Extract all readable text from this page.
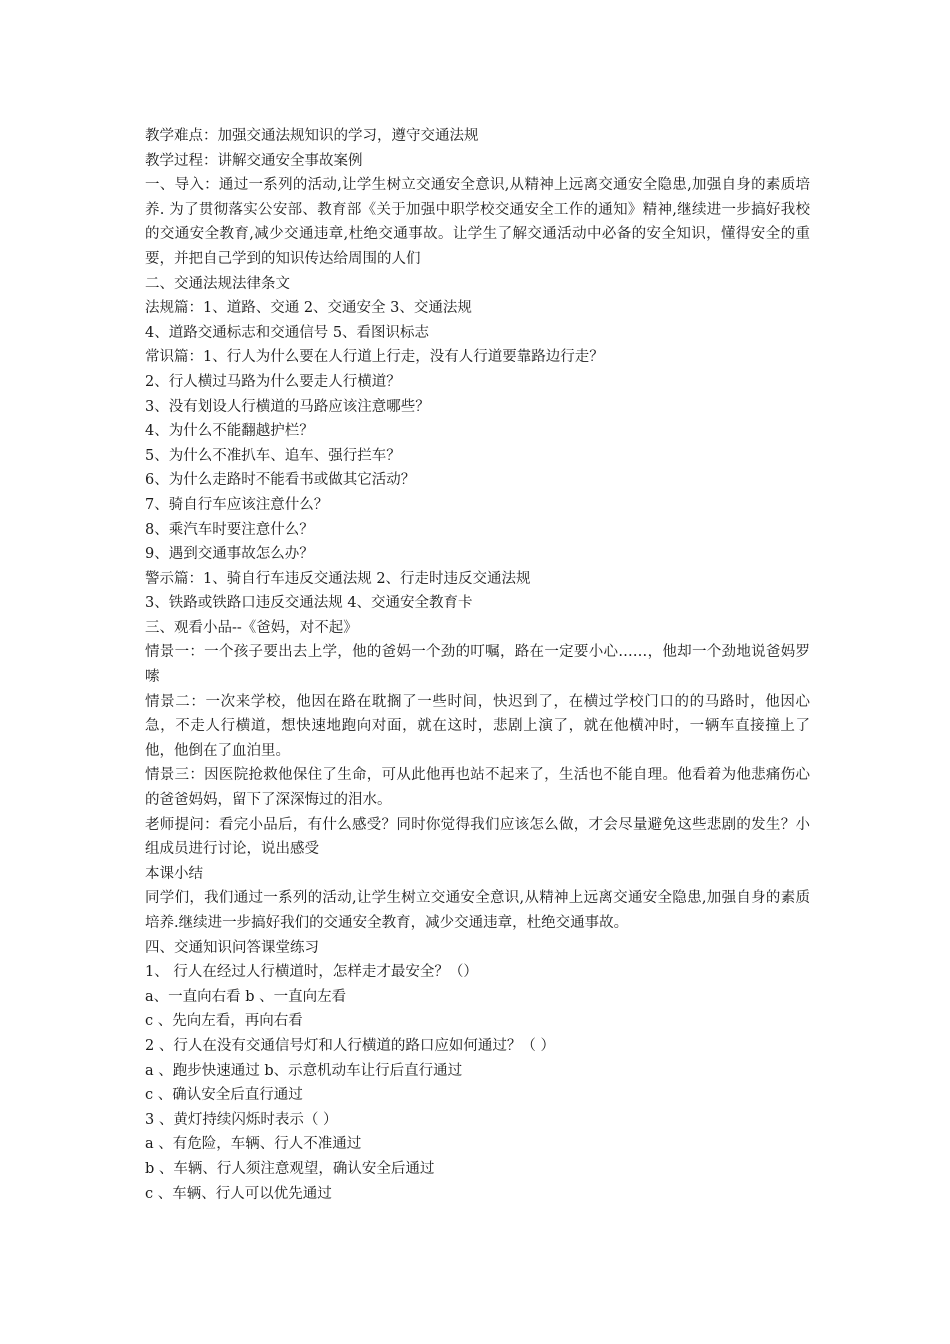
教学难点：加强交通法规知识的学习，遵守交通法规

教学过程：讲解交通安全事故案例

一、导入：通过一系列的活动,让学生树立交通安全意识,从精神上远离交通安全隐患,加强自身的素质培养. 为了贯彻落实公安部、教育部《关于加强中职学校交通安全工作的通知》精神,继续进一步搞好我校的交通安全教育,减少交通违章,杜绝交通事故。让学生了解交通活动中必备的安全知识，懂得安全的重要，并把自己学到的知识传达给周围的人们

二、交通法规法律条文

法规篇：1、道路、交通 2、交通安全 3、交通法规

4、道路交通标志和交通信号 5、看图识标志

常识篇：1、行人为什么要在人行道上行走，没有人行道要靠路边行走？

2、行人横过马路为什么要走人行横道？

3、没有划设人行横道的马路应该注意哪些？

4、为什么不能翻越护栏？

5、为什么不准扒车、追车、强行拦车？

6、为什么走路时不能看书或做其它活动？

7、骑自行车应该注意什么？

8、乘汽车时要注意什么？

9、遇到交通事故怎么办？

警示篇：1、骑自行车违反交通法规 2、行走时违反交通法规

3、铁路或铁路口违反交通法规 4、交通安全教育卡

三、观看小品--《爸妈，对不起》

情景一：一个孩子要出去上学，他的爸妈一个劲的叮嘱，路在一定要小心……，他却一个劲地说爸妈罗嗦

情景二：一次来学校，他因在路在耽搁了一些时间，快迟到了，在横过学校门口的的马路时，他因心急，不走人行横道，想快速地跑向对面，就在这时，悲剧上演了，就在他横冲时，一辆车直接撞上了他，他倒在了血泊里。

情景三：因医院抢救他保住了生命，可从此他再也站不起来了，生活也不能自理。他看着为他悲痛伤心的爸爸妈妈，留下了深深悔过的泪水。

老师提问：看完小品后，有什么感受？同时你觉得我们应该怎么做，才会尽量避免这些悲剧的发生？小组成员进行讨论，说出感受

本课小结

同学们，我们通过一系列的活动,让学生树立交通安全意识,从精神上远离交通安全隐患,加强自身的素质培养.继续进一步搞好我们的交通安全教育，减少交通违章，杜绝交通事故。

四、交通知识问答课堂练习

1、 行人在经过人行横道时，怎样走才最安全？（）

a、一直向右看 b 、一直向左看

c 、先向左看，再向右看

2 、行人在没有交通信号灯和人行横道的路口应如何通过？（ ）

a 、跑步快速通过 b、示意机动车让行后直行通过

c 、确认安全后直行通过

3 、黄灯持续闪烁时表示（ ）

a 、有危险，车辆、行人不准通过

b 、车辆、行人须注意观望，确认安全后通过

c 、车辆、行人可以优先通过
